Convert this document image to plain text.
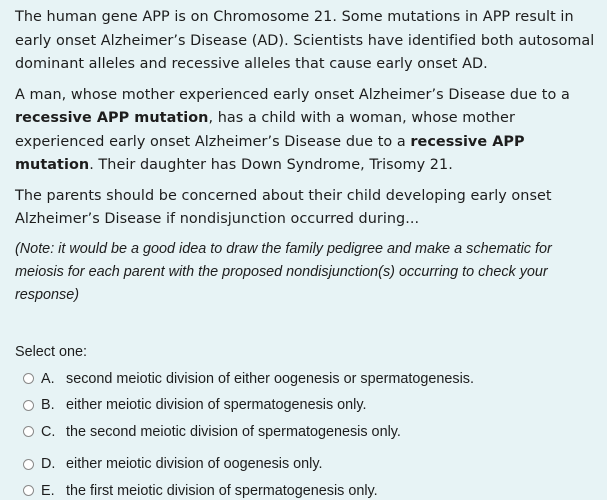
The human gene APP is on Chromosome 21. Some mutations in APP result in early onset Alzheimer’s Disease (AD). Scientists have identified both autosomal dominant alleles and recessive alleles that cause early onset AD.

A man, whose mother experienced early onset Alzheimer’s Disease due to a recessive APP mutation, has a child with a woman, whose mother experienced early onset Alzheimer’s Disease due to a recessive APP mutation. Their daughter has Down Syndrome, Trisomy 21.

The parents should be concerned about their child developing early onset Alzheimer’s Disease if nondisjunction occurred during...

(Note: it would be a good idea to draw the family pedigree and make a schematic for meiosis for each parent with the proposed nondisjunction(s) occurring to check your response)

Select one:
A. second meiotic division of either oogenesis or spermatogenesis.
B. either meiotic division of spermatogenesis only.
C. the second meiotic division of spermatogenesis only.
D. either meiotic division of oogenesis only.
E. the first meiotic division of spermatogenesis only.
